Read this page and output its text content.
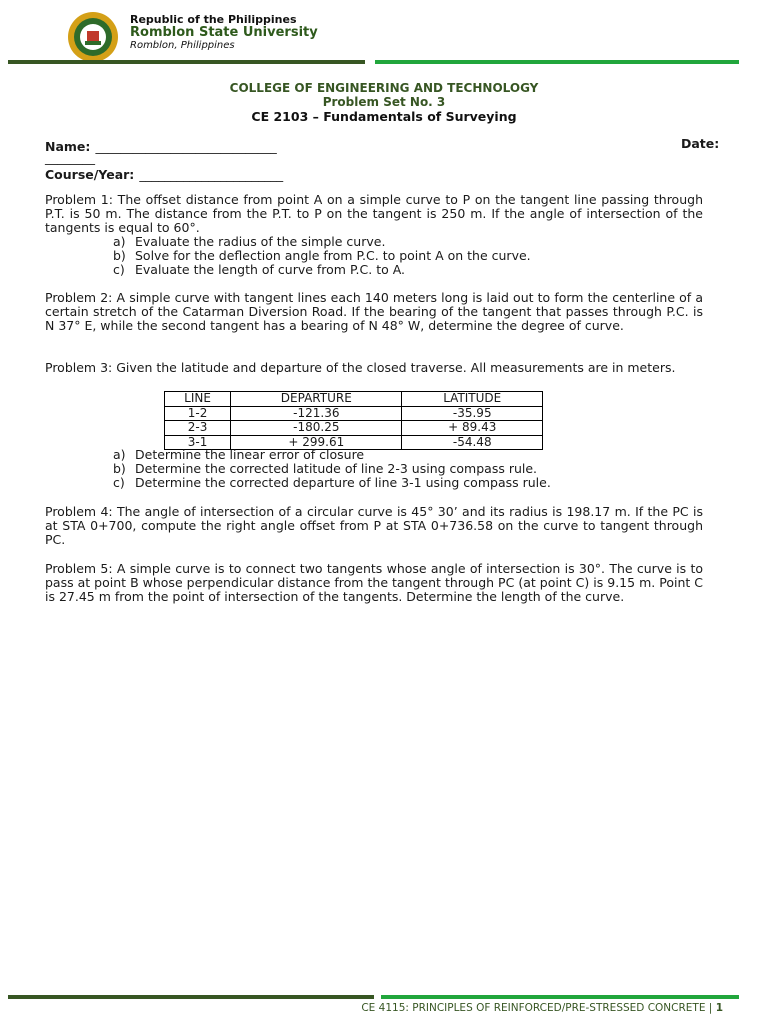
Republic of the Philippines
Romblon State University
Romblon, Philippines
COLLEGE OF ENGINEERING AND TECHNOLOGY
Problem Set No. 3
CE 2103 – Fundamentals of Surveying
Name: _____________________________	Date:
________
Course/Year: _______________________

Problem 1: The offset distance from point A on a simple curve to P on the tangent line passing through P.T. is 50 m. The distance from the P.T. to P on the tangent is 250 m. If the angle of intersection of the tangents is equal to 60°.

a) Evaluate the radius of the simple curve.
b) Solve for the deflection angle from P.C. to point A on the curve.
c) Evaluate the length of curve from P.C. to A.

Problem 2: A simple curve with tangent lines each 140 meters long is laid out to form the centerline of a certain stretch of the Catarman Diversion Road. If the bearing of the tangent that passes through P.C. is N 37° E, while the second tangent has a bearing of N 48° W, determine the degree of curve.

Problem 3: Given the latitude and departure of the closed traverse. All measurements are in meters.

LINE	DEPARTURE	LATITUDE
1-2	-121.36	-35.95
2-3	-180.25	+ 89.43
3-1	+ 299.61	-54.48
a) Determine the linear error of closure
b) Determine the corrected latitude of line 2-3 using compass rule.
c) Determine the corrected departure of line 3-1 using compass rule.

Problem 4: The angle of intersection of a circular curve is 45° 30’ and its radius is 198.17 m. If the PC is at STA 0+700, compute the right angle offset from P at STA 0+736.58 on the curve to tangent through PC.

Problem 5: A simple curve is to connect two tangents whose angle of intersection is 30°. The curve is to pass at point B whose perpendicular distance from the tangent through PC (at point C) is 9.15 m. Point C is 27.45 m from the point of intersection of the tangents. Determine the length of the curve.

CE 4115: PRINCIPLES OF REINFORCED/PRE-STRESSED CONCRETE | 1
